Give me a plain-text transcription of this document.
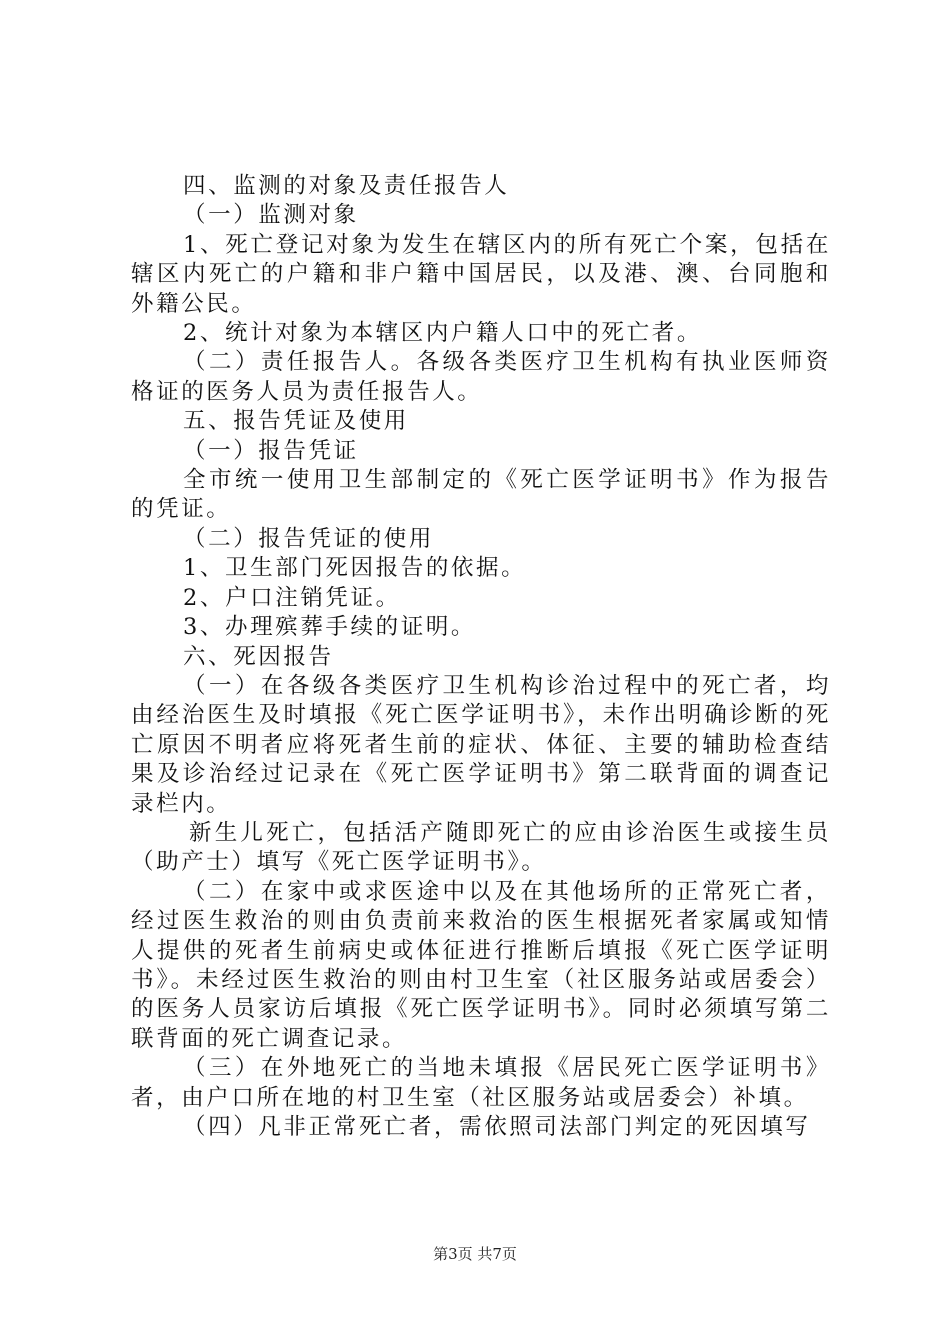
四、监测的对象及责任报告人

（一）监测对象

1、死亡登记对象为发生在辖区内的所有死亡个案，包括在辖区内死亡的户籍和非户籍中国居民，以及港、澳、台同胞和外籍公民。

2、统计对象为本辖区内户籍人口中的死亡者。

（二）责任报告人。各级各类医疗卫生机构有执业医师资格证的医务人员为责任报告人。

五、报告凭证及使用

（一）报告凭证

全市统一使用卫生部制定的《死亡医学证明书》作为报告的凭证。

（二）报告凭证的使用

1、卫生部门死因报告的依据。

2、户口注销凭证。

3、办理殡葬手续的证明。

六、死因报告

（一）在各级各类医疗卫生机构诊治过程中的死亡者，均由经治医生及时填报《死亡医学证明书》，未作出明确诊断的死亡原因不明者应将死者生前的症状、体征、主要的辅助检查结果及诊治经过记录在《死亡医学证明书》第二联背面的调查记录栏内。

新生儿死亡，包括活产随即死亡的应由诊治医生或接生员（助产士）填写《死亡医学证明书》。

（二）在家中或求医途中以及在其他场所的正常死亡者，经过医生救治的则由负责前来救治的医生根据死者家属或知情人提供的死者生前病史或体征进行推断后填报《死亡医学证明书》。未经过医生救治的则由村卫生室（社区服务站或居委会）的医务人员家访后填报《死亡医学证明书》。同时必须填写第二联背面的死亡调查记录。

（三）在外地死亡的当地未填报《居民死亡医学证明书》者，由户口所在地的村卫生室（社区服务站或居委会）补填。

（四）凡非正常死亡者，需依照司法部门判定的死因填写

第3页 共7页
